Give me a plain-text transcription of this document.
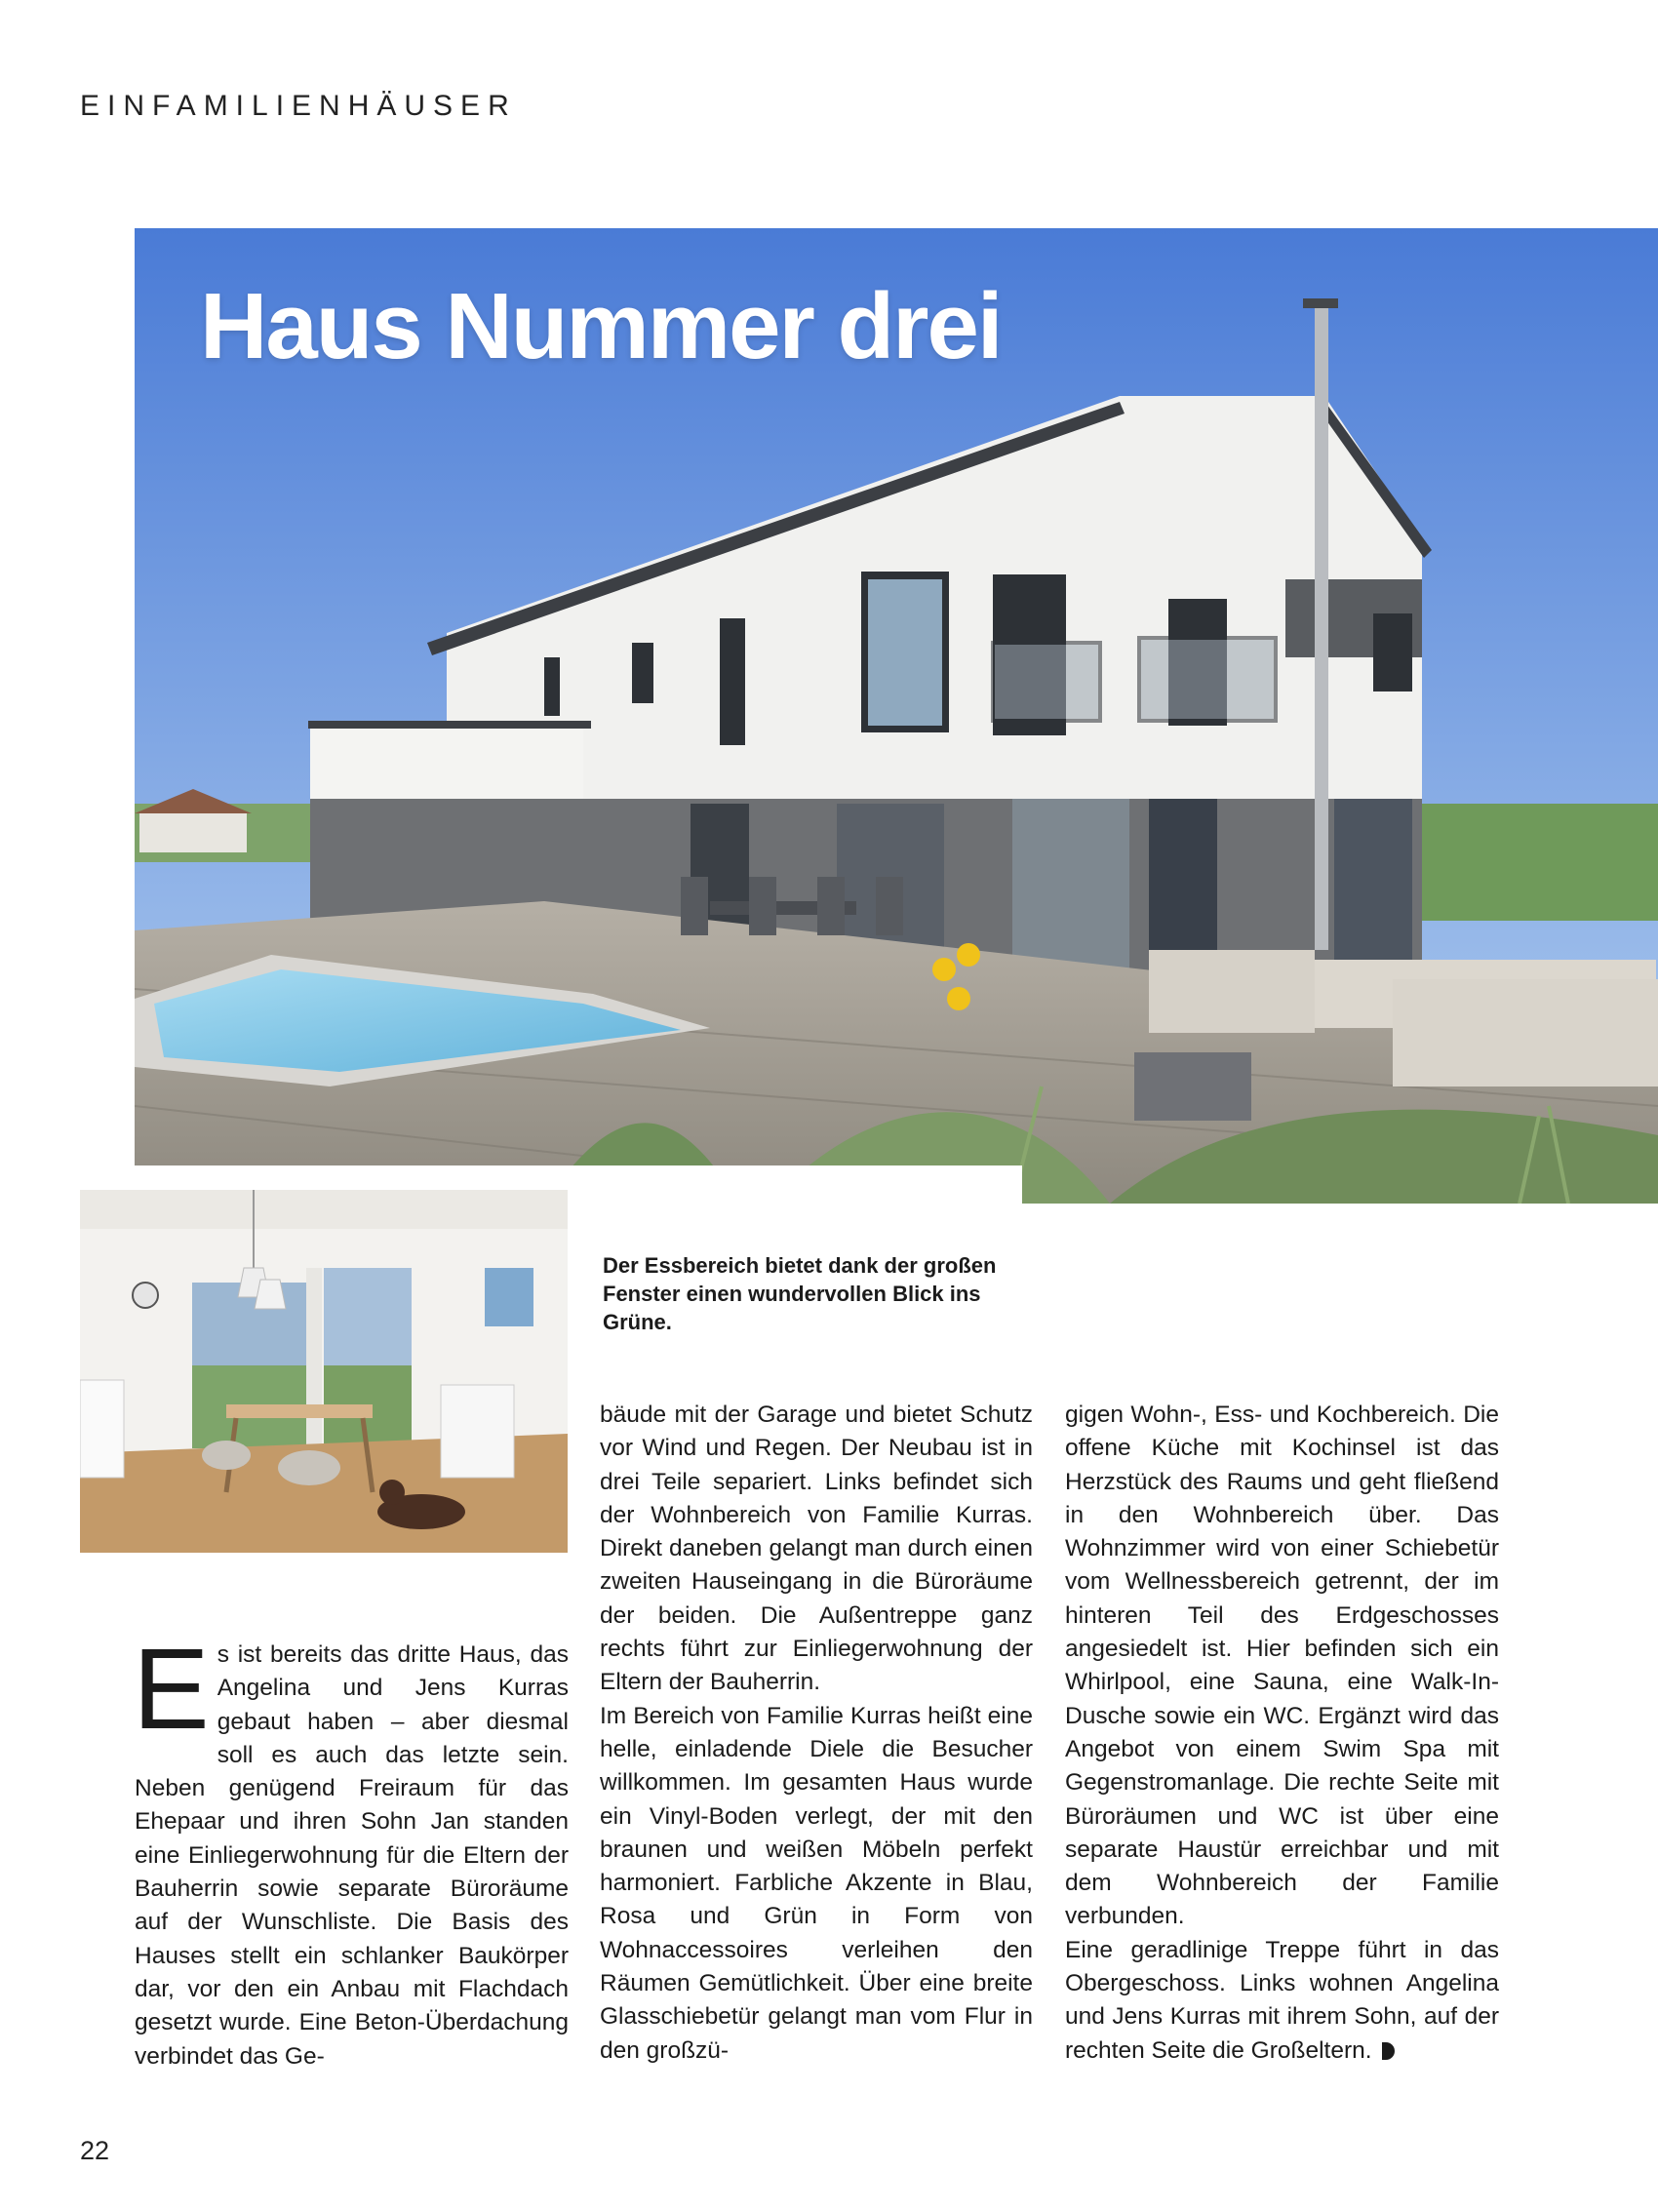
EINFAMILIENHÄUSER
Haus Nummer drei
Der Essbereich bietet dank der großen Fenster einen wundervollen Blick ins Grüne.

Es ist bereits das dritte Haus, das Angelina und Jens Kurras gebaut haben – aber diesmal soll es auch das letzte sein. Neben genügend Freiraum für das Ehepaar und ihren Sohn Jan standen eine Einliegerwohnung für die Eltern der Bauherrin sowie separate Büroräume auf der Wunschliste. Die Basis des Hauses stellt ein schlanker Baukörper dar, vor den ein Anbau mit Flachdach gesetzt wurde. Eine Beton-Überdachung verbindet das Ge-

bäude mit der Garage und bietet Schutz vor Wind und Regen. Der Neubau ist in drei Teile separiert. Links befindet sich der Wohnbereich von Familie Kurras. Direkt daneben gelangt man durch einen zweiten Hauseingang in die Büroräume der beiden. Die Außentreppe ganz rechts führt zur Einliegerwohnung der Eltern der Bauherrin.

Im Bereich von Familie Kurras heißt eine helle, einladende Diele die Besucher willkommen. Im gesamten Haus wurde ein Vinyl-Boden verlegt, der mit den braunen und weißen Möbeln perfekt harmoniert. Farbliche Akzente in Blau, Rosa und Grün in Form von Wohnaccessoires verleihen den Räumen Gemütlichkeit. Über eine breite Glasschiebetür gelangt man vom Flur in den großzü-

gigen Wohn-, Ess- und Kochbereich. Die offene Küche mit Kochinsel ist das Herzstück des Raums und geht fließend in den Wohnbereich über. Das Wohnzimmer wird von einer Schiebetür vom Wellnessbereich getrennt, der im hinteren Teil des Erdgeschosses angesiedelt ist. Hier befinden sich ein Whirlpool, eine Sauna, eine Walk-In-Dusche sowie ein WC. Ergänzt wird das Angebot von einem Swim Spa mit Gegenstromanlage. Die rechte Seite mit Büroräumen und WC ist über eine separate Haustür erreichbar und mit dem Wohnbereich der Familie verbunden.

Eine geradlinige Treppe führt in das Obergeschoss. Links wohnen Angelina und Jens Kurras mit ihrem Sohn, auf der rechten Seite die Großeltern.

22
